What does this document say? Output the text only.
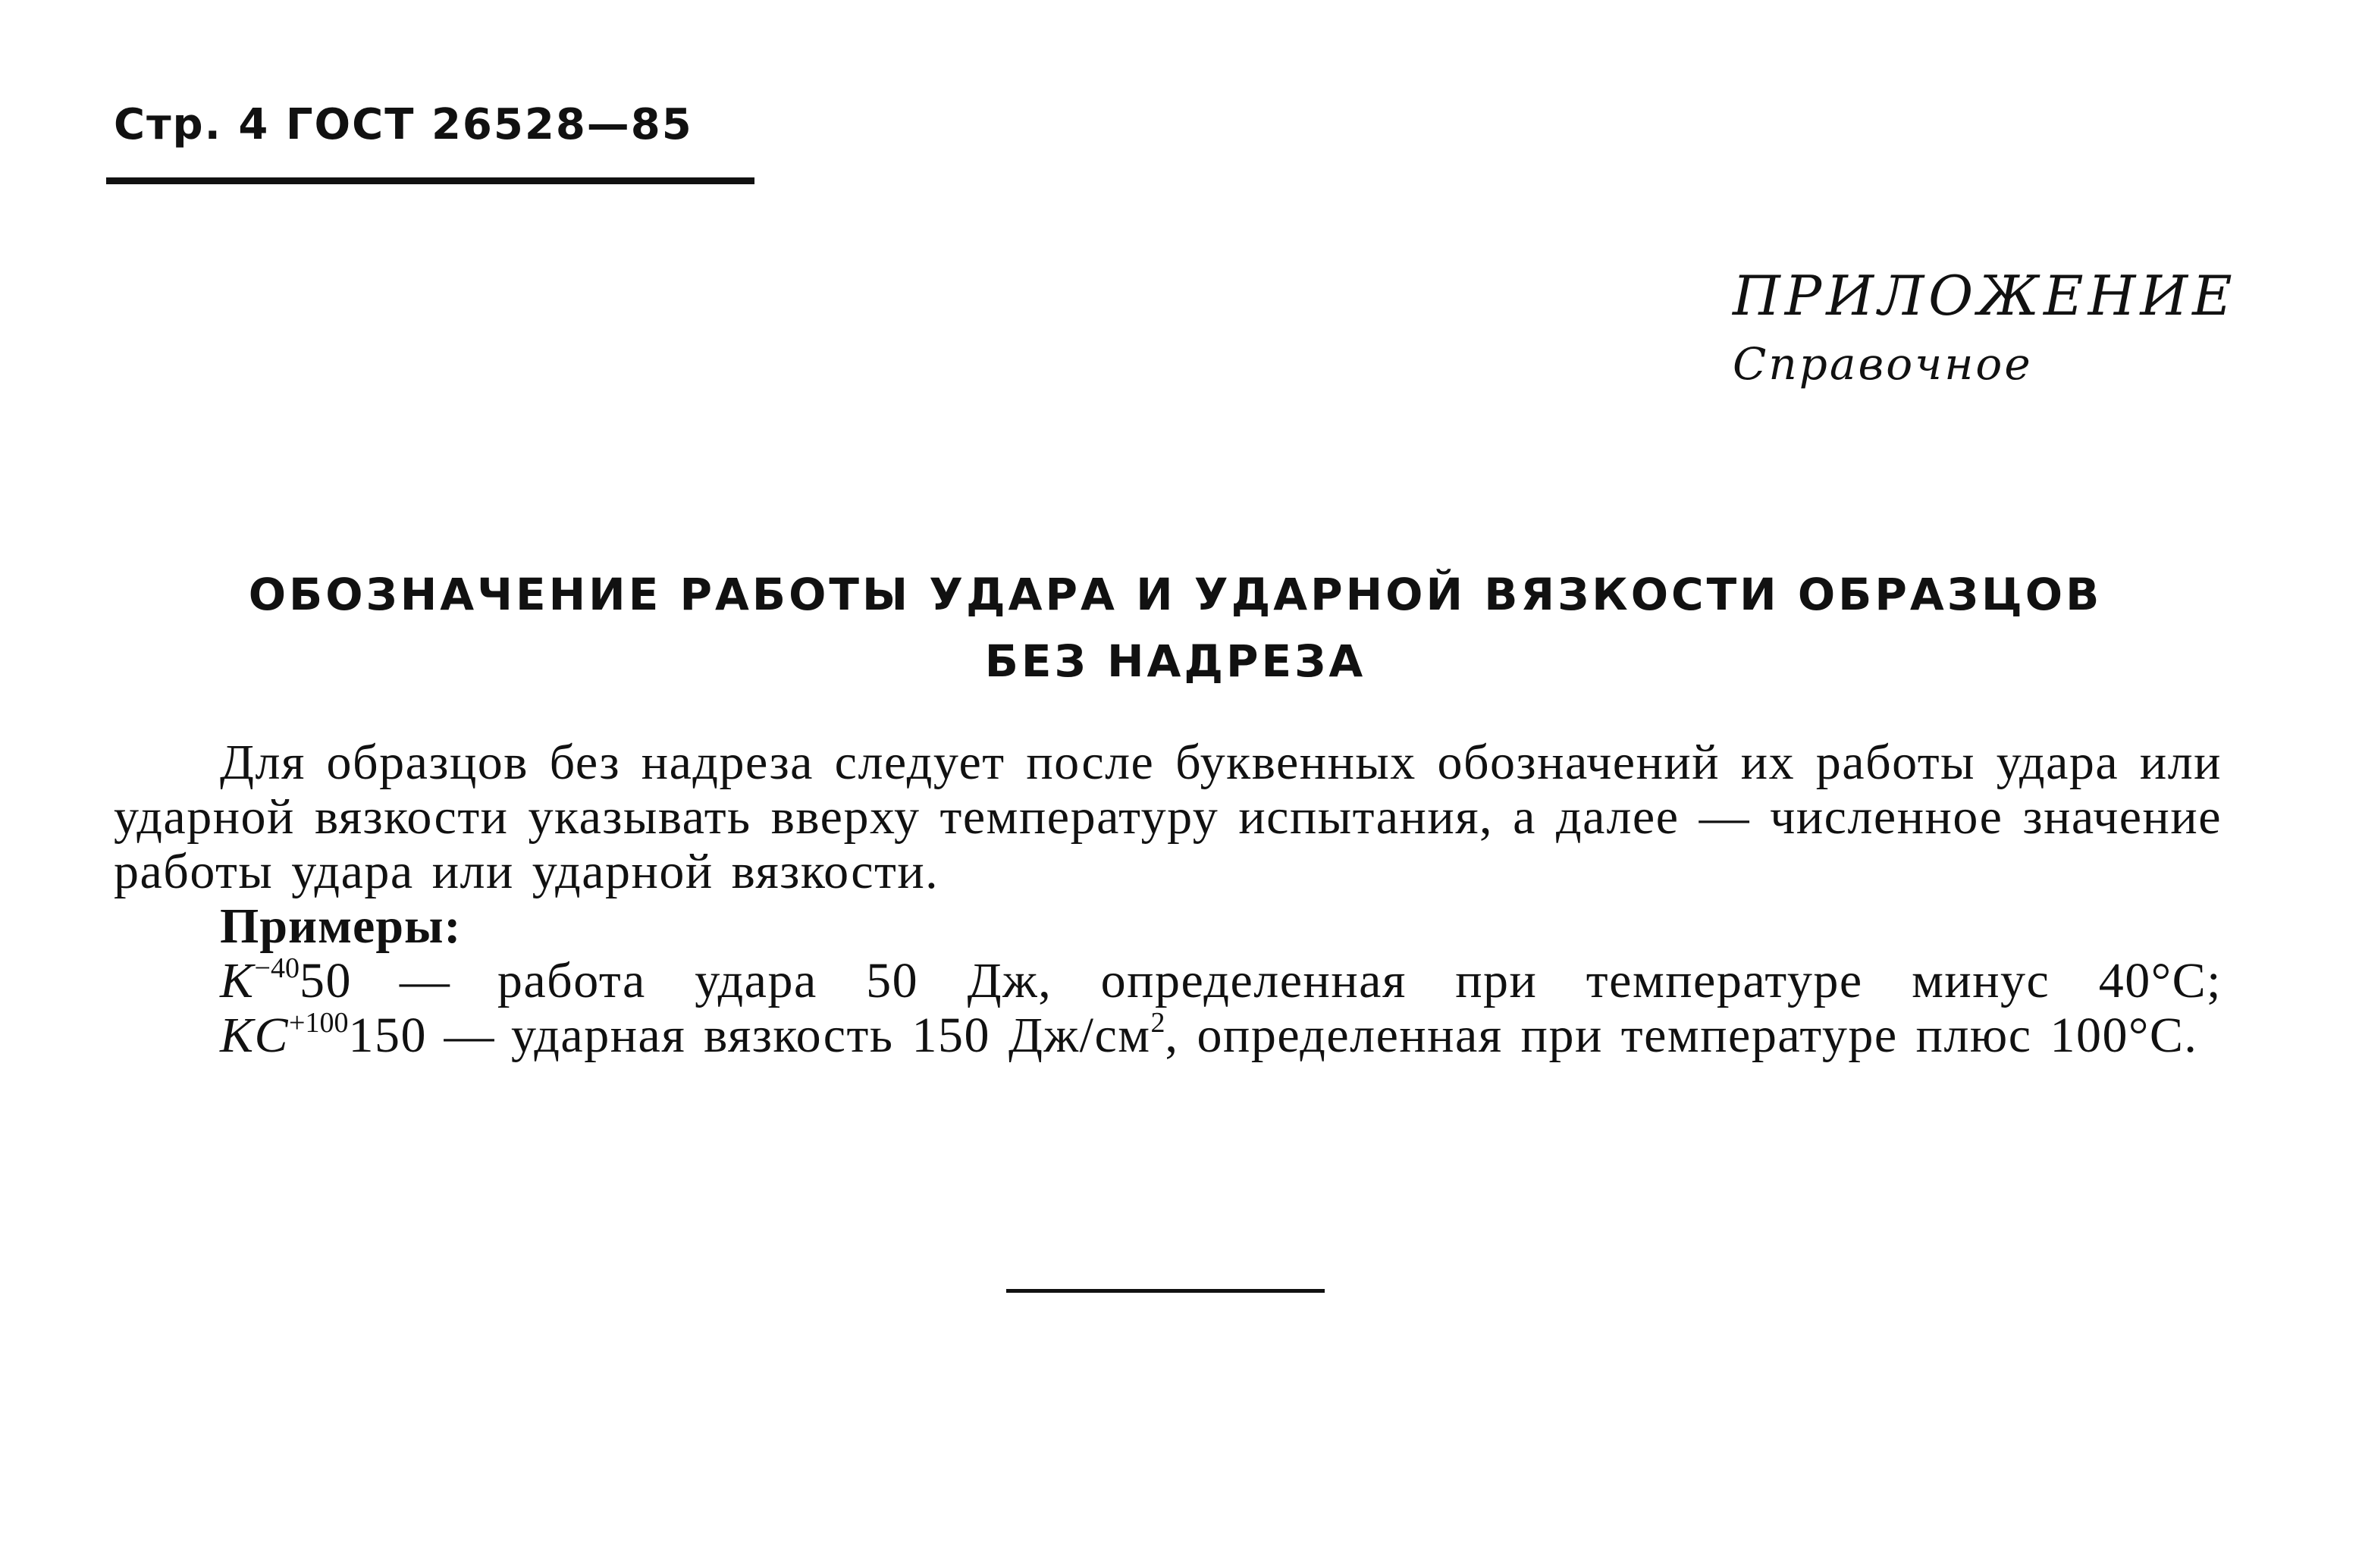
Стр. 4 ГОСТ 26528—85
ПРИЛОЖЕНИЕ
Справочное
ОБОЗНАЧЕНИЕ РАБОТЫ УДАРА И УДАРНОЙ ВЯЗКОСТИ ОБРАЗЦОВ
БЕЗ НАДРЕЗА

Для образцов без надреза следует после буквенных обозначений их работы удара или ударной вязкости указывать вверху температуру испытания, а далее — численное значение работы удара или ударной вязкости.

Примеры:

$K^{-40}50$ — работа удара 50 Дж, определенная при температуре минус 40°С;

$KC^{+100}150$ — ударная вязкость 150 $Дж/см^2$, определенная при температуре плюс 100°С.
